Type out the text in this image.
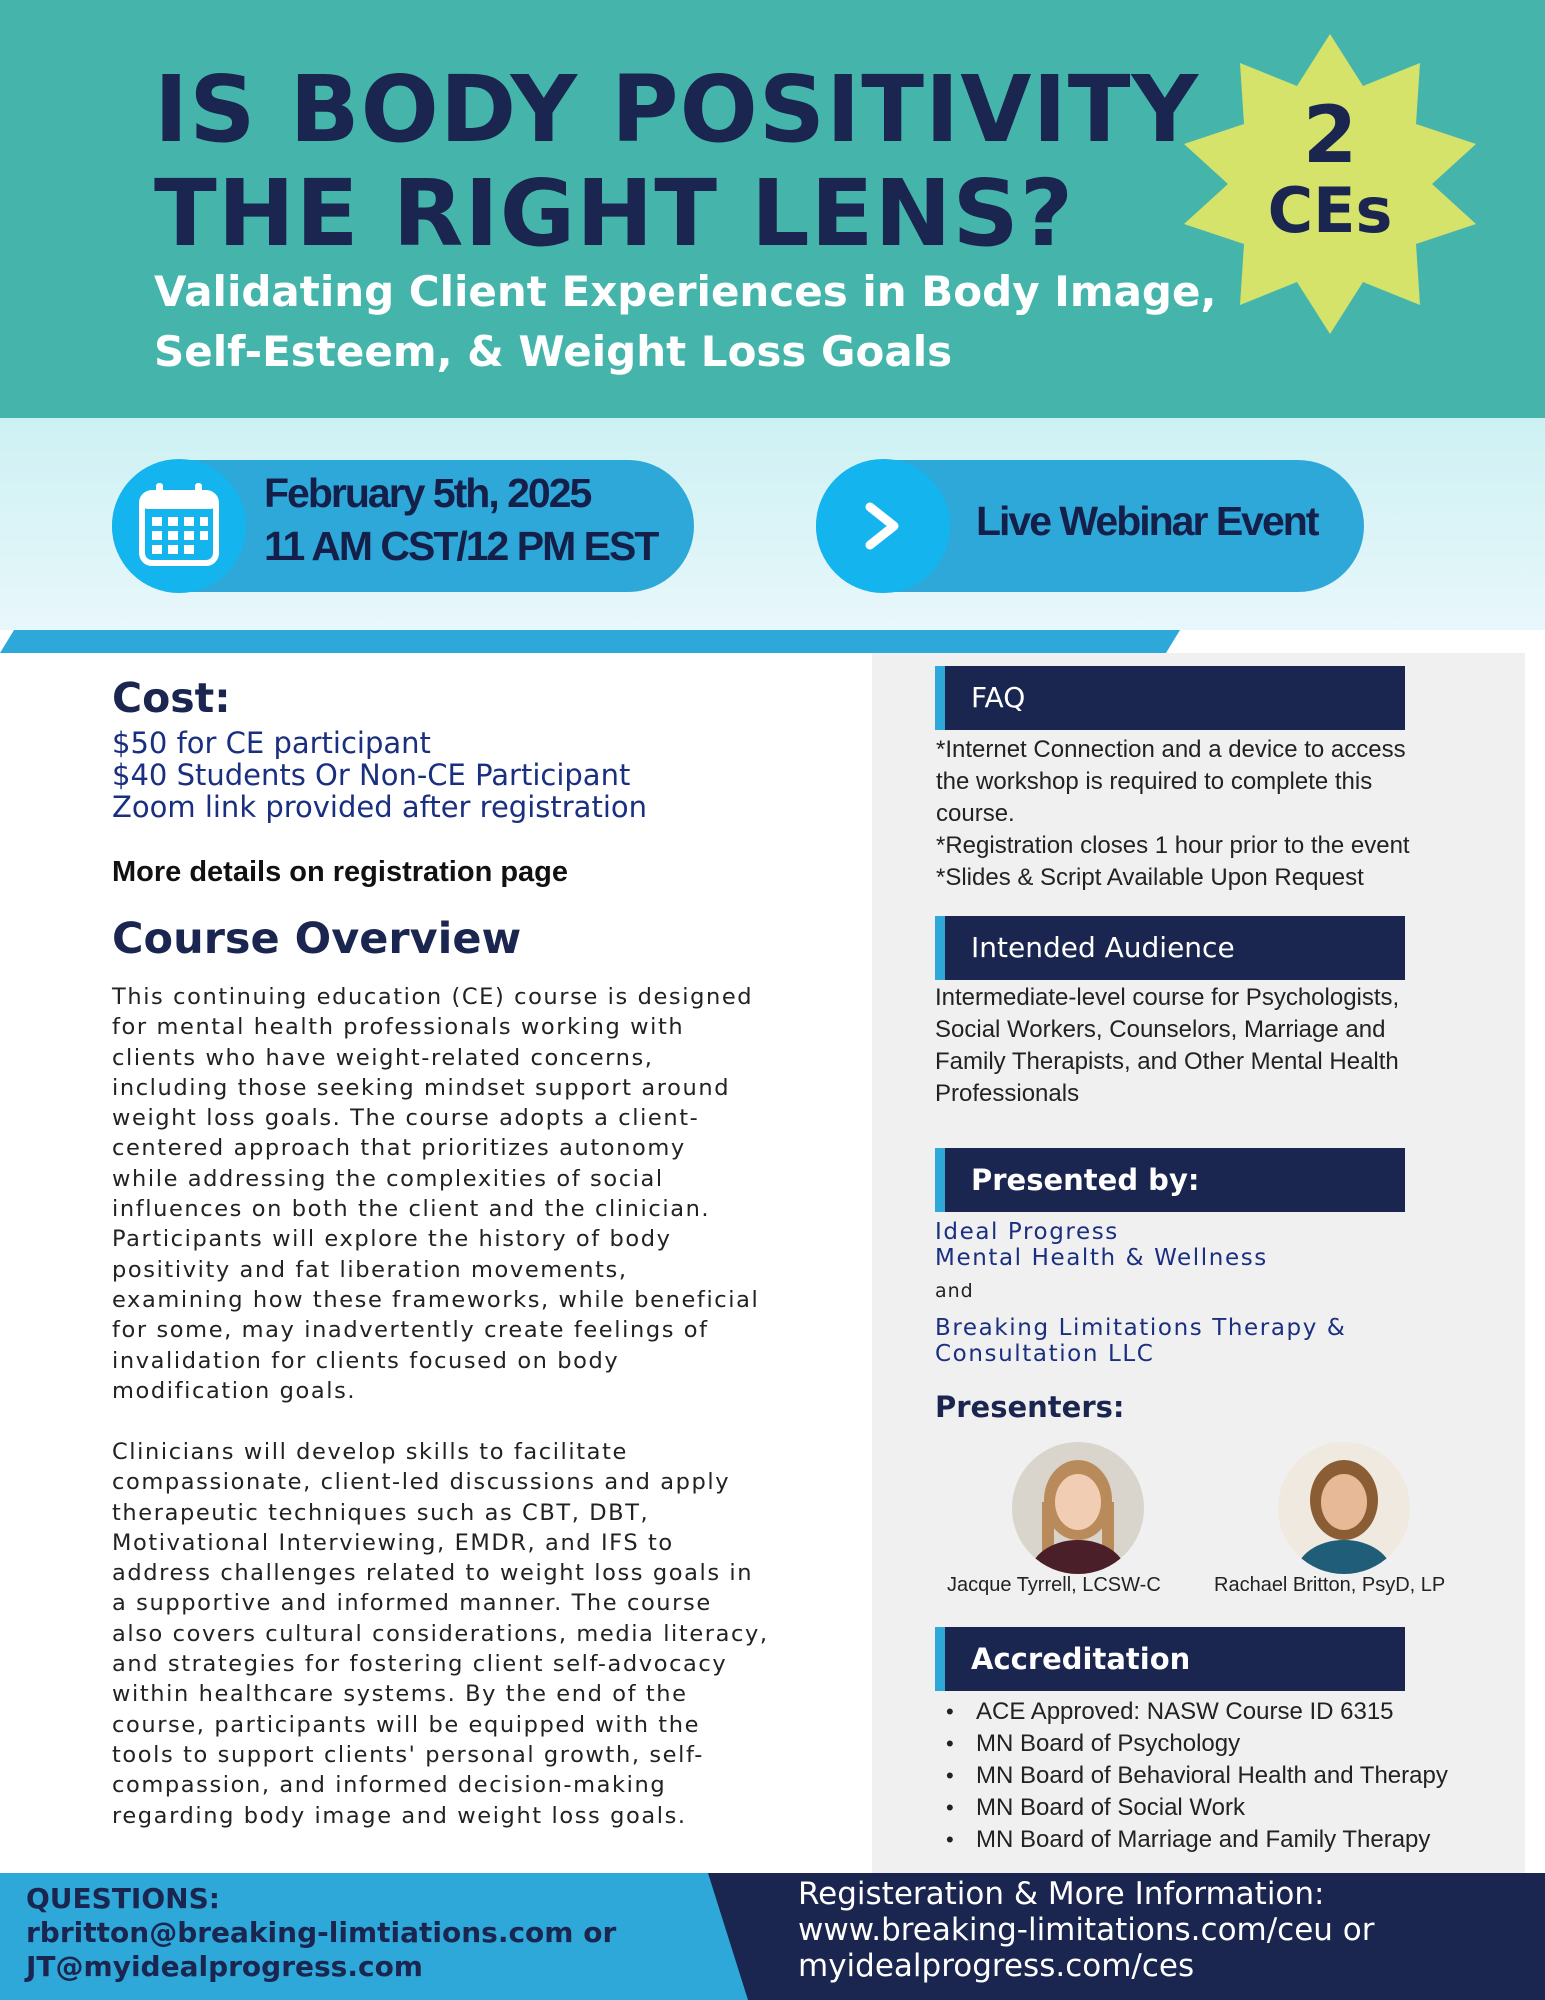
IS BODY POSITIVITY
THE RIGHT LENS?
Validating Client Experiences in Body Image,
Self-Esteem, & Weight Loss Goals
2
CEs
February 5th, 2025
11 AM CST/12 PM EST
Live Webinar Event
Cost:
$50 for CE participant
$40 Students Or Non-CE Participant
Zoom link provided after registration
More details on registration page
Course Overview
This continuing education (CE) course is designed
for mental health professionals working with
clients who have weight-related concerns,
including those seeking mindset support around
weight loss goals. The course adopts a client-
centered approach that prioritizes autonomy
while addressing the complexities of social
influences on both the client and the clinician.
Participants will explore the history of body
positivity and fat liberation movements,
examining how these frameworks, while beneficial
for some, may inadvertently create feelings of
invalidation for clients focused on body
modification goals.
Clinicians will develop skills to facilitate
compassionate, client-led discussions and apply
therapeutic techniques such as CBT, DBT,
Motivational Interviewing, EMDR, and IFS to
address challenges related to weight loss goals in
a supportive and informed manner. The course
also covers cultural considerations, media literacy,
and strategies for fostering client self-advocacy
within healthcare systems. By the end of the
course, participants will be equipped with the
tools to support clients' personal growth, self-
compassion, and informed decision-making
regarding body image and weight loss goals.
FAQ
*Internet Connection and a device to access
the workshop is required to complete this
course.
*Registration closes 1 hour prior to the event
*Slides & Script Available Upon Request
Intended Audience
Intermediate-level course for Psychologists,
Social Workers, Counselors, Marriage and
Family Therapists, and Other Mental Health
Professionals
Presented by:
Ideal Progress
Mental Health & Wellness
and
Breaking Limitations Therapy &
Consultation LLC
Presenters:
Jacque Tyrrell, LCSW-C	Rachael Britton, PsyD, LP
Accreditation
• ACE Approved: NASW Course ID 6315
• MN Board of Psychology
• MN Board of Behavioral Health and Therapy
• MN Board of Social Work
• MN Board of Marriage and Family Therapy
QUESTIONS:
rbritton@breaking-limtiations.com or
JT@myidealprogress.com
Registeration & More Information:
www.breaking-limitations.com/ceu or
myidealprogress.com/ces
